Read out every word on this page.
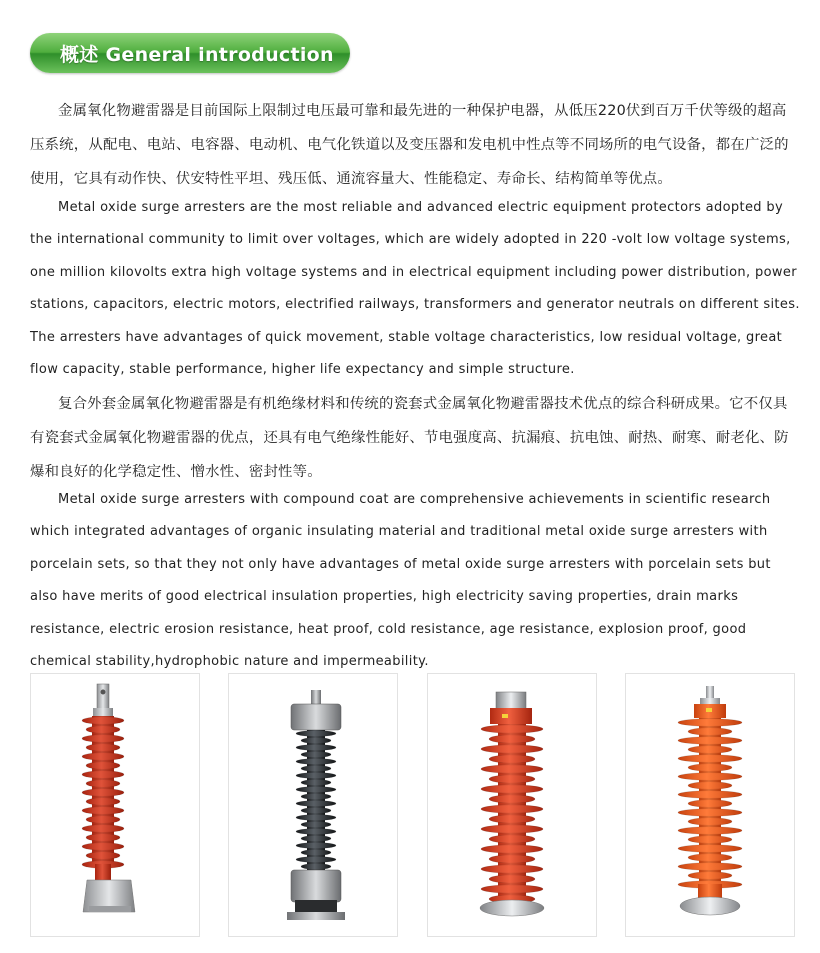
概述 General introduction

金属氧化物避雷器是目前国际上限制过电压最可靠和最先进的一种保护电器，从低压220伏到百万千伏等级的超高压系统，从配电、电站、电容器、电动机、电气化铁道以及变压器和发电机中性点等不同场所的电气设备，都在广泛的使用，它具有动作快、伏安特性平坦、残压低、通流容量大、性能稳定、寿命长、结构简单等优点。

Metal oxide surge arresters are the most reliable and advanced electric equipment protectors adopted by the international community to limit over voltages, which are widely adopted in 220 -volt low voltage systems, one million kilovolts extra high voltage systems and in electrical equipment including power distribution, power stations, capacitors, electric motors, electrified railways, transformers and generator neutrals on different sites. The arresters have advantages of quick movement, stable voltage characteristics, low residual voltage, great flow capacity, stable performance, higher life expectancy and simple structure.

复合外套金属氧化物避雷器是有机绝缘材料和传统的瓷套式金属氧化物避雷器技术优点的综合科研成果。它不仅具有瓷套式金属氧化物避雷器的优点，还具有电气绝缘性能好、节电强度高、抗漏痕、抗电蚀、耐热、耐寒、耐老化、防爆和良好的化学稳定性、憎水性、密封性等。

Metal oxide surge arresters with compound coat are comprehensive achievements in scientific research which integrated advantages of organic insulating material and traditional metal oxide surge arresters with porcelain sets, so that they not only have advantages of metal oxide surge arresters with porcelain sets but also have merits of good electrical insulation properties, high electricity saving properties, drain marks resistance, electric erosion resistance, heat proof, cold resistance, age resistance, explosion proof, good chemical stability,hydrophobic nature and impermeability.
